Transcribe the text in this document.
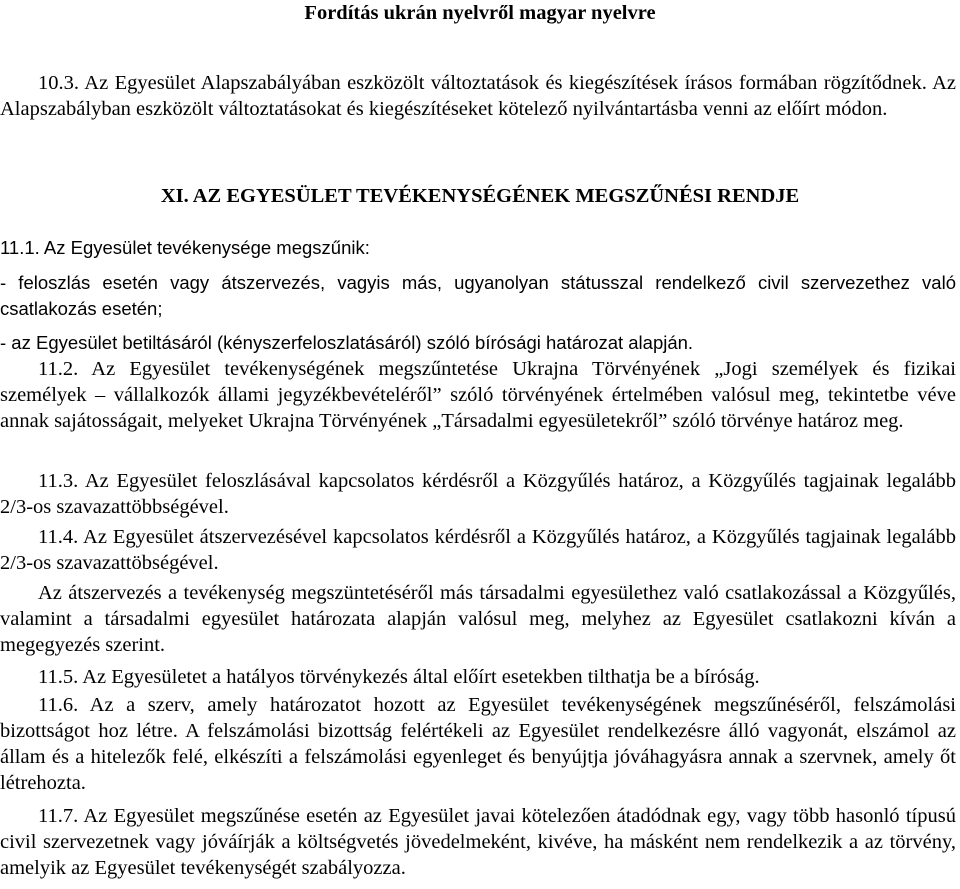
Fordítás ukrán nyelvről magyar nyelvre

10.3. Az Egyesület Alapszabályában eszközölt változtatások és kiegészítések írásos formában rögzítődnek. Az Alapszabályban eszközölt változtatásokat és kiegészítéseket kötelező nyilvántartásba venni az előírt módon.

XI. AZ EGYESÜLET TEVÉKENYSÉGÉNEK MEGSZŰNÉSI RENDJE

11.1. Az Egyesület tevékenysége megszűnik:

- feloszlás esetén vagy átszervezés, vagyis más, ugyanolyan státusszal rendelkező civil szervezethez való csatlakozás esetén;

- az Egyesület betiltásáról (kényszerfeloszlatásáról) szóló bírósági határozat alapján.

11.2. Az Egyesület tevékenységének megszűntetése Ukrajna Törvényének „Jogi személyek és fizikai személyek – vállalkozók állami jegyzékbevételéről” szóló törvényének értelmében valósul meg, tekintetbe véve annak sajátosságait, melyeket Ukrajna Törvényének „Társadalmi egyesületekről” szóló törvénye határoz meg.

11.3. Az Egyesület feloszlásával kapcsolatos kérdésről a Közgyűlés határoz, a Közgyűlés tagjainak legalább 2/3-os szavazattöbbségével.

11.4. Az Egyesület átszervezésével kapcsolatos kérdésről a Közgyűlés határoz, a Közgyűlés tagjainak legalább 2/3-os szavazattöbségével.

Az átszervezés a tevékenység megszüntetéséről más társadalmi egyesülethez való csatlakozással a Közgyűlés, valamint a társadalmi egyesület határozata alapján valósul meg, melyhez az Egyesület csatlakozni kíván a megegyezés szerint.

11.5. Az Egyesületet a hatályos törvénykezés által előírt esetekben tilthatja be a bíróság.

11.6. Az a szerv, amely határozatot hozott az Egyesület tevékenységének megszűnéséről, felszámolási bizottságot hoz létre. A felszámolási bizottság felértékeli az Egyesület rendelkezésre álló vagyonát, elszámol az állam és a hitelezők felé, elkészíti a felszámolási egyenleget és benyújtja jóváhagyásra annak a szervnek, amely őt létrehozta.

11.7. Az Egyesület megszűnése esetén az Egyesület javai kötelezően átadódnak egy, vagy több hasonló típusú civil szervezetnek vagy jóváírják a költségvetés jövedelmeként, kivéve, ha másként nem rendelkezik a az törvény, amelyik az Egyesület tevékenységét szabályozza.
